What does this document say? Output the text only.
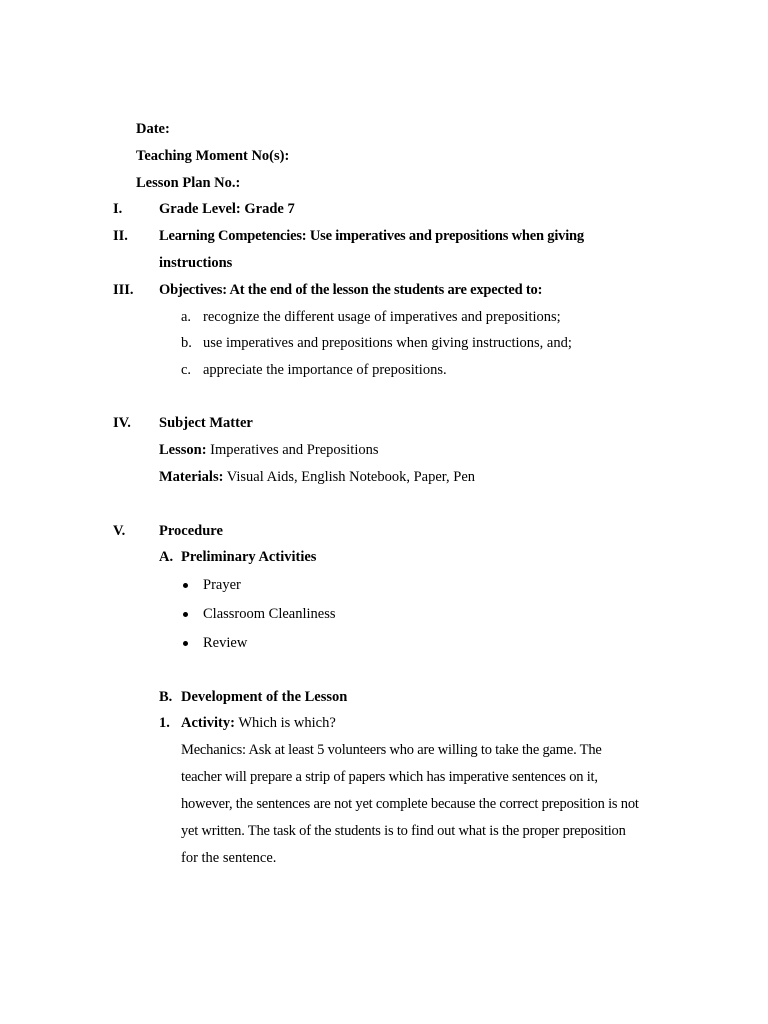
Date:
Teaching Moment No(s):
Lesson Plan No.:
I.	Grade Level: Grade 7
II. Learning Competencies: Use imperatives and prepositions when giving
instructions
III. Objectives: At the end of the lesson the students are expected to:
a. recognize the different usage of imperatives and prepositions;
b. use imperatives and prepositions when giving instructions, and;
c. appreciate the importance of prepositions.
IV. Subject Matter
Lesson: Imperatives and Prepositions
Materials: Visual Aids, English Notebook, Paper, Pen
V. Procedure
A. Preliminary Activities
Prayer
Classroom Cleanliness
Review
B. Development of the Lesson
1. Activity: Which is which?
Mechanics: Ask at least 5 volunteers who are willing to take the game. The
teacher will prepare a strip of papers which has imperative sentences on it,
however, the sentences are not yet complete because the correct preposition is not
yet written. The task of the students is to find out what is the proper preposition
for the sentence.
